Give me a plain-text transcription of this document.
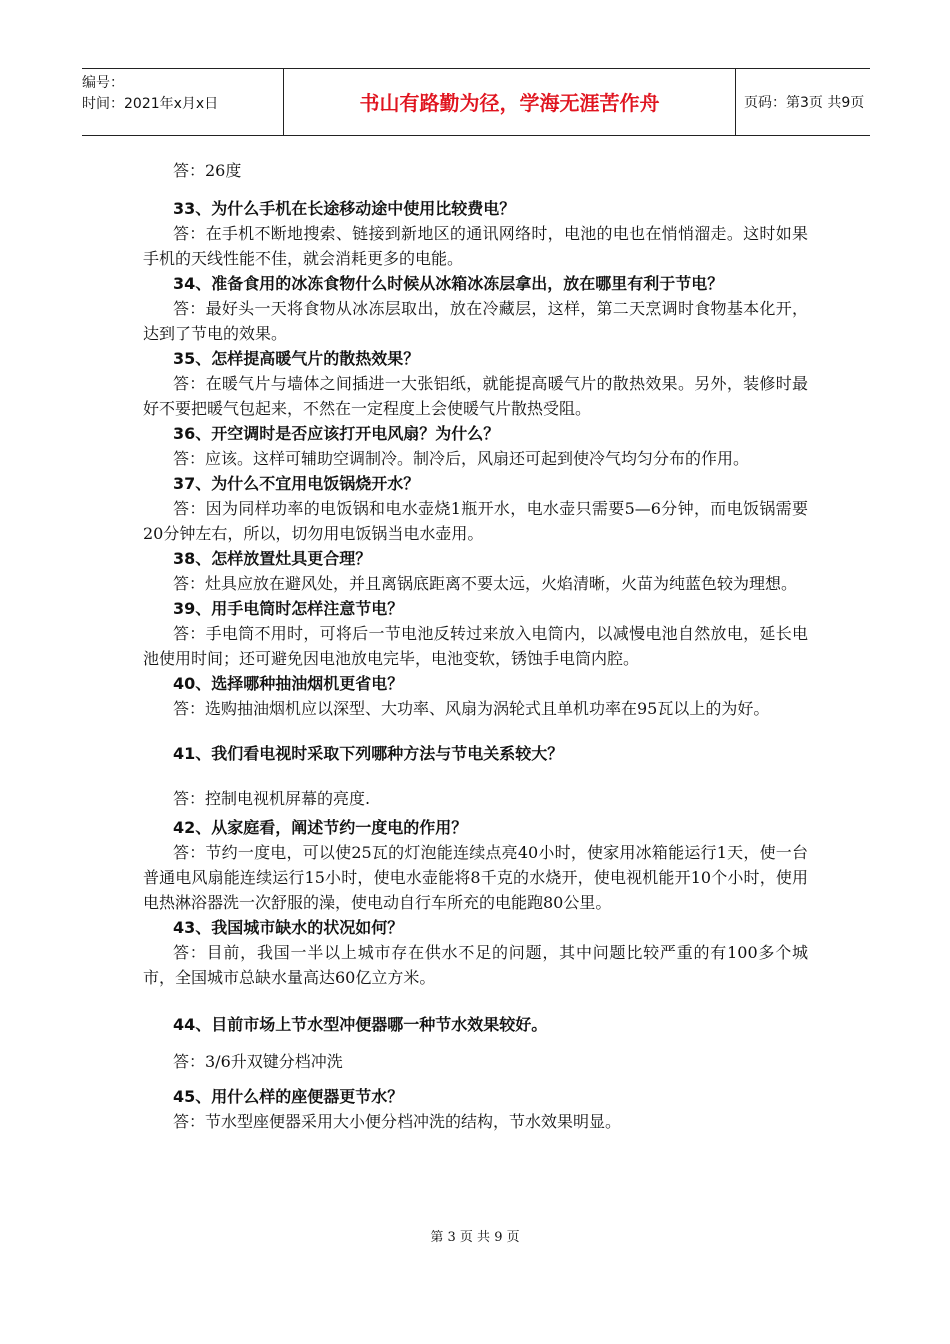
编号：
时间：2021年x月x日	书山有路勤为径，学海无涯苦作舟	页码：第3页 共9页
答：26度
33、为什么手机在长途移动途中使用比较费电？
答：在手机不断地搜索、链接到新地区的通讯网络时，电池的电也在悄悄溜走。这时如果手机的天线性能不佳，就会消耗更多的电能。
34、准备食用的冰冻食物什么时候从冰箱冰冻层拿出，放在哪里有利于节电？
答：最好头一天将食物从冰冻层取出，放在冷藏层，这样，第二天烹调时食物基本化开，达到了节电的效果。
35、怎样提高暖气片的散热效果？
答：在暖气片与墙体之间插进一大张铝纸，就能提高暖气片的散热效果。另外，装修时最好不要把暖气包起来，不然在一定程度上会使暖气片散热受阻。
36、开空调时是否应该打开电风扇？为什么？
答：应该。这样可辅助空调制冷。制冷后，风扇还可起到使冷气均匀分布的作用。
37、为什么不宜用电饭锅烧开水？
答：因为同样功率的电饭锅和电水壶烧1瓶开水，电水壶只需要5—6分钟，而电饭锅需要20分钟左右，所以，切勿用电饭锅当电水壶用。
38、怎样放置灶具更合理？
答：灶具应放在避风处，并且离锅底距离不要太远，火焰清晰，火苗为纯蓝色较为理想。
39、用手电筒时怎样注意节电？
答：手电筒不用时，可将后一节电池反转过来放入电筒内，以减慢电池自然放电，延长电池使用时间；还可避免因电池放电完毕，电池变软，锈蚀手电筒内腔。
40、选择哪种抽油烟机更省电？
答：选购抽油烟机应以深型、大功率、风扇为涡轮式且单机功率在95瓦以上的为好。
41、我们看电视时采取下列哪种方法与节电关系较大？
答：控制电视机屏幕的亮度.
42、从家庭看，阐述节约一度电的作用？
答：节约一度电，可以使25瓦的灯泡能连续点亮40小时，使家用冰箱能运行1天，使一台普通电风扇能连续运行15小时，使电水壶能将8千克的水烧开，使电视机能开10个小时，使用电热淋浴器洗一次舒服的澡，使电动自行车所充的电能跑80公里。
43、我国城市缺水的状况如何？
答：目前，我国一半以上城市存在供水不足的问题，其中问题比较严重的有100多个城市，全国城市总缺水量高达60亿立方米。
44、目前市场上节水型冲便器哪一种节水效果较好。
答：3/6升双键分档冲洗
45、用什么样的座便器更节水？
答：节水型座便器采用大小便分档冲洗的结构，节水效果明显。
第 3 页 共 9 页
